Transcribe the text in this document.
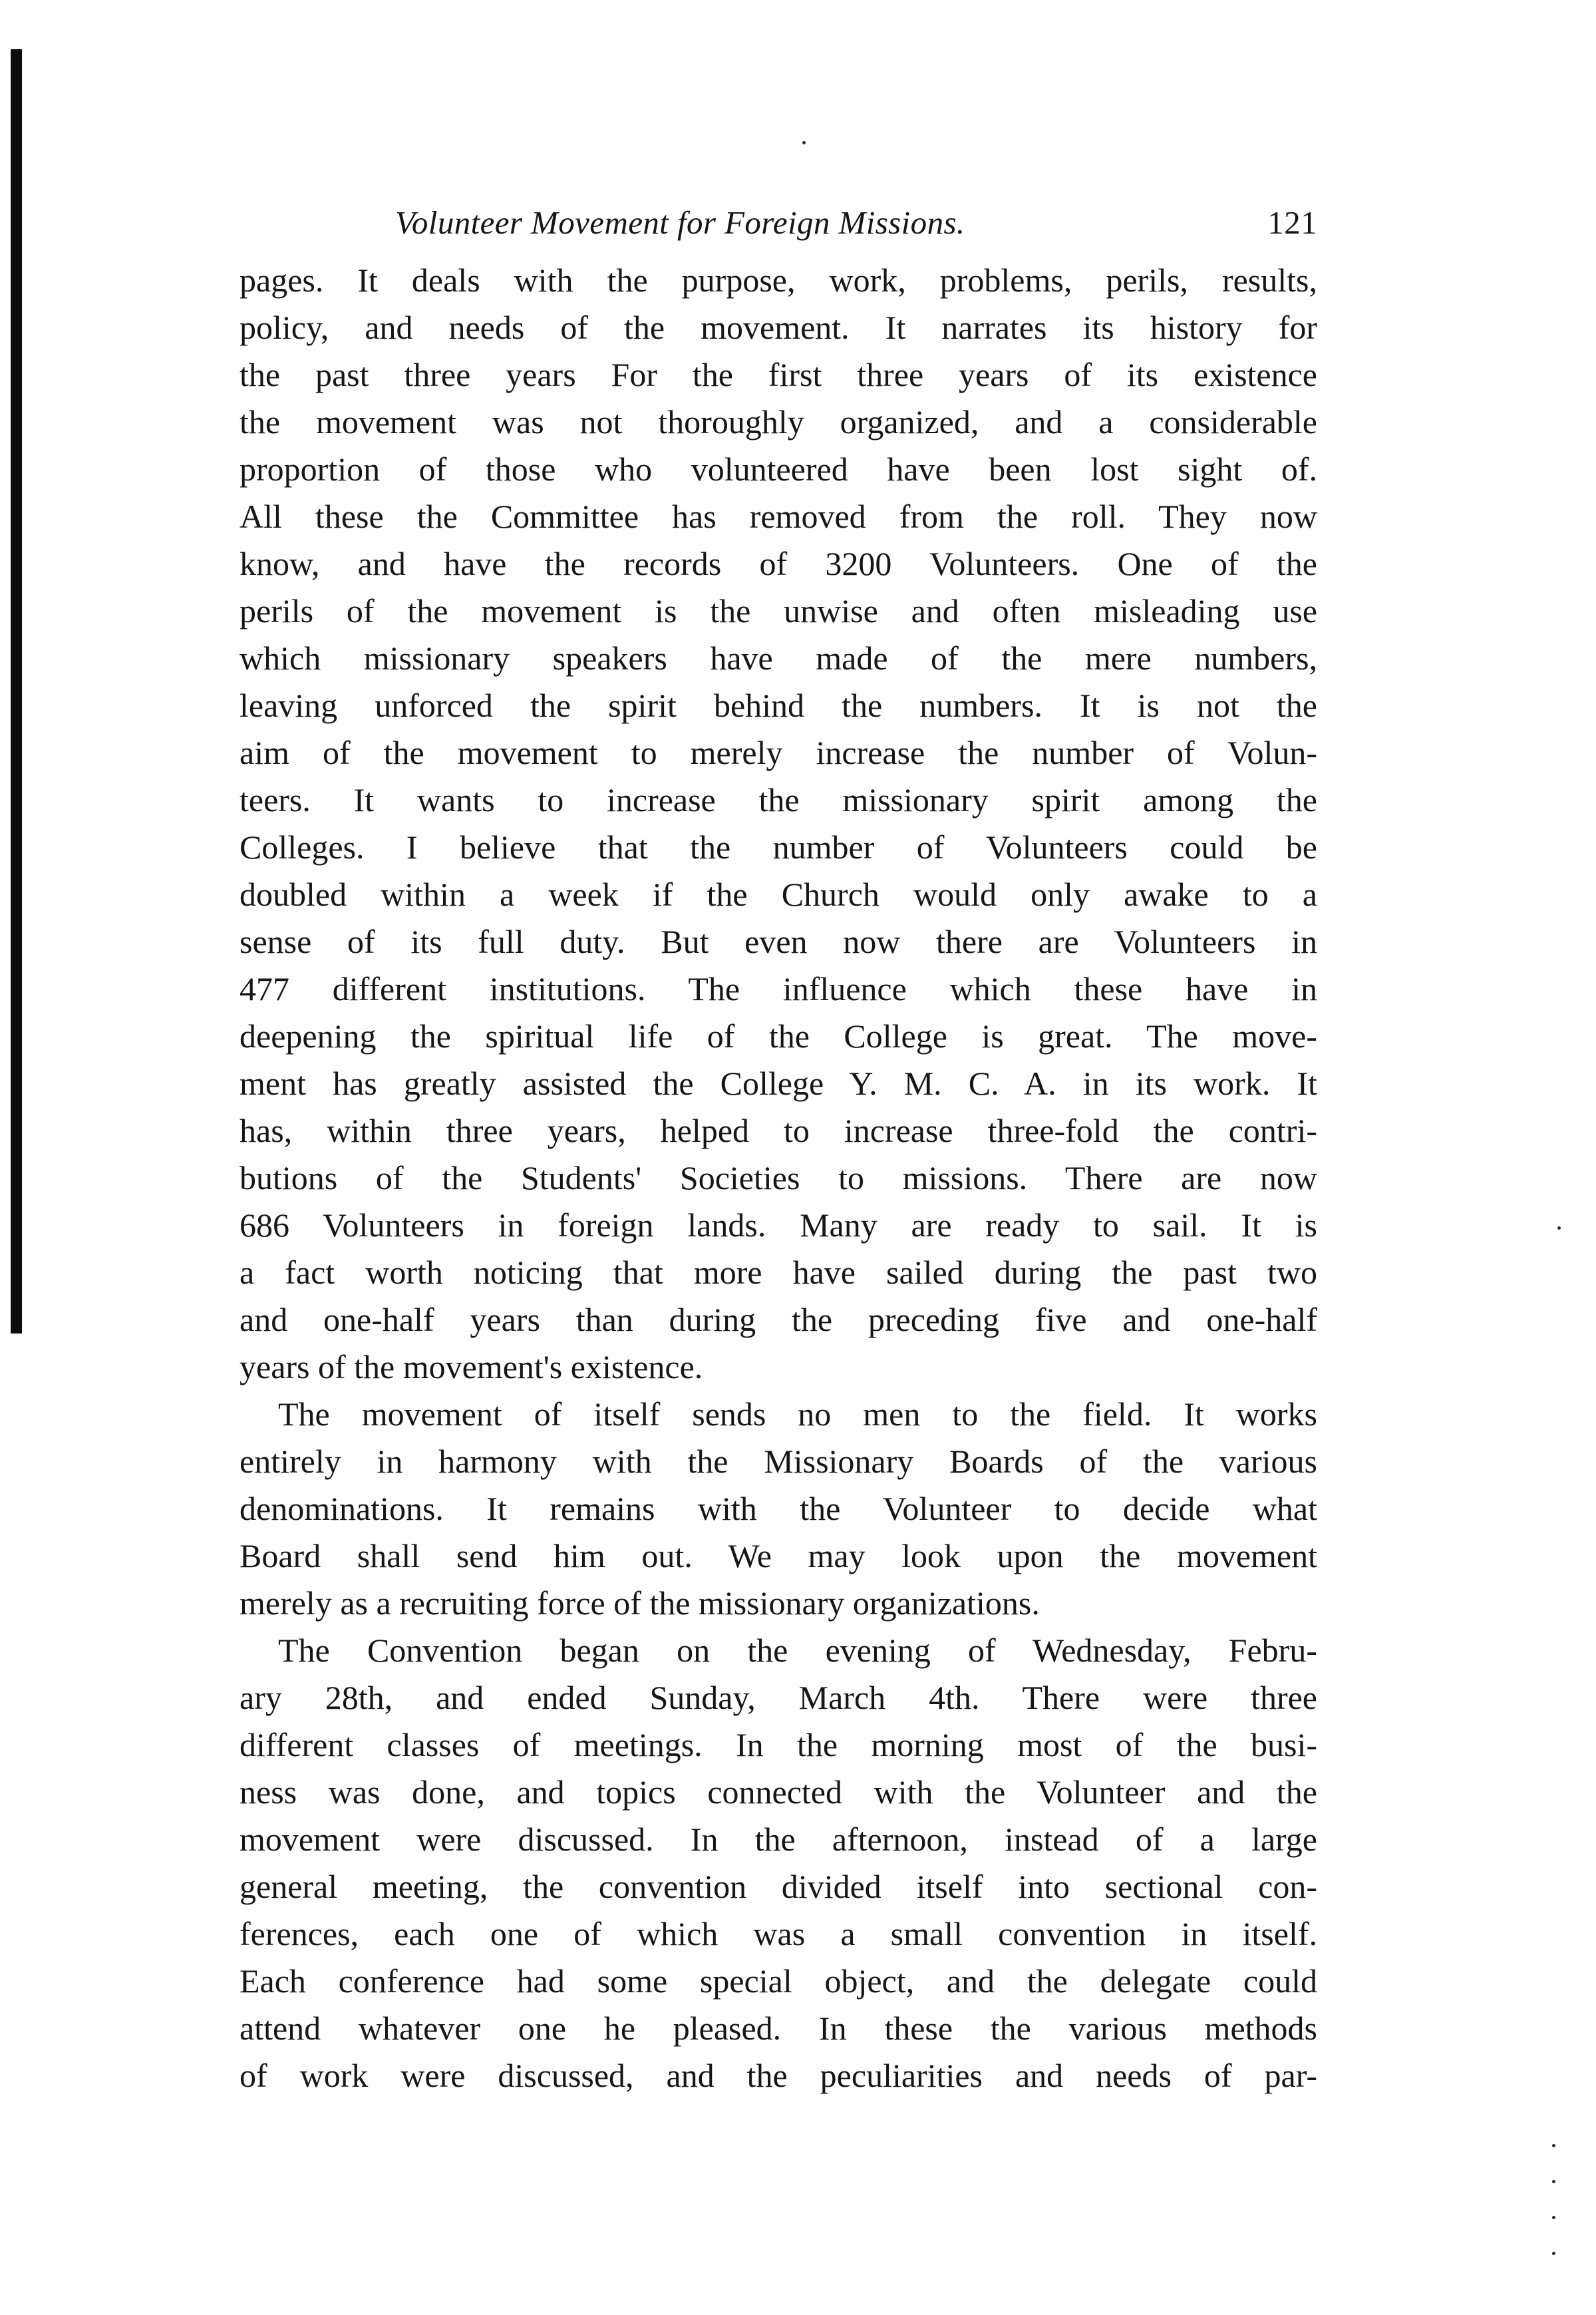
Volunteer Movement for Foreign Missions.	121
pages. It deals with the purpose, work, problems, perils, results,
policy, and needs of the movement. It narrates its history for
the past three years For the first three years of its existence
the movement was not thoroughly organized, and a considerable
proportion of those who volunteered have been lost sight of.
All these the Committee has removed from the roll. They now
know, and have the records of 3200 Volunteers. One of the
perils of the movement is the unwise and often misleading use
which missionary speakers have made of the mere numbers,
leaving unforced the spirit behind the numbers. It is not the
aim of the movement to merely increase the number of Volun-
teers. It wants to increase the missionary spirit among the
Colleges. I believe that the number of Volunteers could be
doubled within a week if the Church would only awake to a
sense of its full duty. But even now there are Volunteers in
477 different institutions. The influence which these have in
deepening the spiritual life of the College is great. The move-
ment has greatly assisted the College Y. M. C. A. in its work. It
has, within three years, helped to increase three-fold the contri-
butions of the Students' Societies to missions. There are now
686 Volunteers in foreign lands. Many are ready to sail. It is
a fact worth noticing that more have sailed during the past two
and one-half years than during the preceding five and one-half
years of the movement's existence.
The movement of itself sends no men to the field. It works
entirely in harmony with the Missionary Boards of the various
denominations. It remains with the Volunteer to decide what
Board shall send him out. We may look upon the movement
merely as a recruiting force of the missionary organizations.
The Convention began on the evening of Wednesday, Febru-
ary 28th, and ended Sunday, March 4th. There were three
different classes of meetings. In the morning most of the busi-
ness was done, and topics connected with the Volunteer and the
movement were discussed. In the afternoon, instead of a large
general meeting, the convention divided itself into sectional con-
ferences, each one of which was a small convention in itself.
Each conference had some special object, and the delegate could
attend whatever one he pleased. In these the various methods
of work were discussed, and the peculiarities and needs of par-
